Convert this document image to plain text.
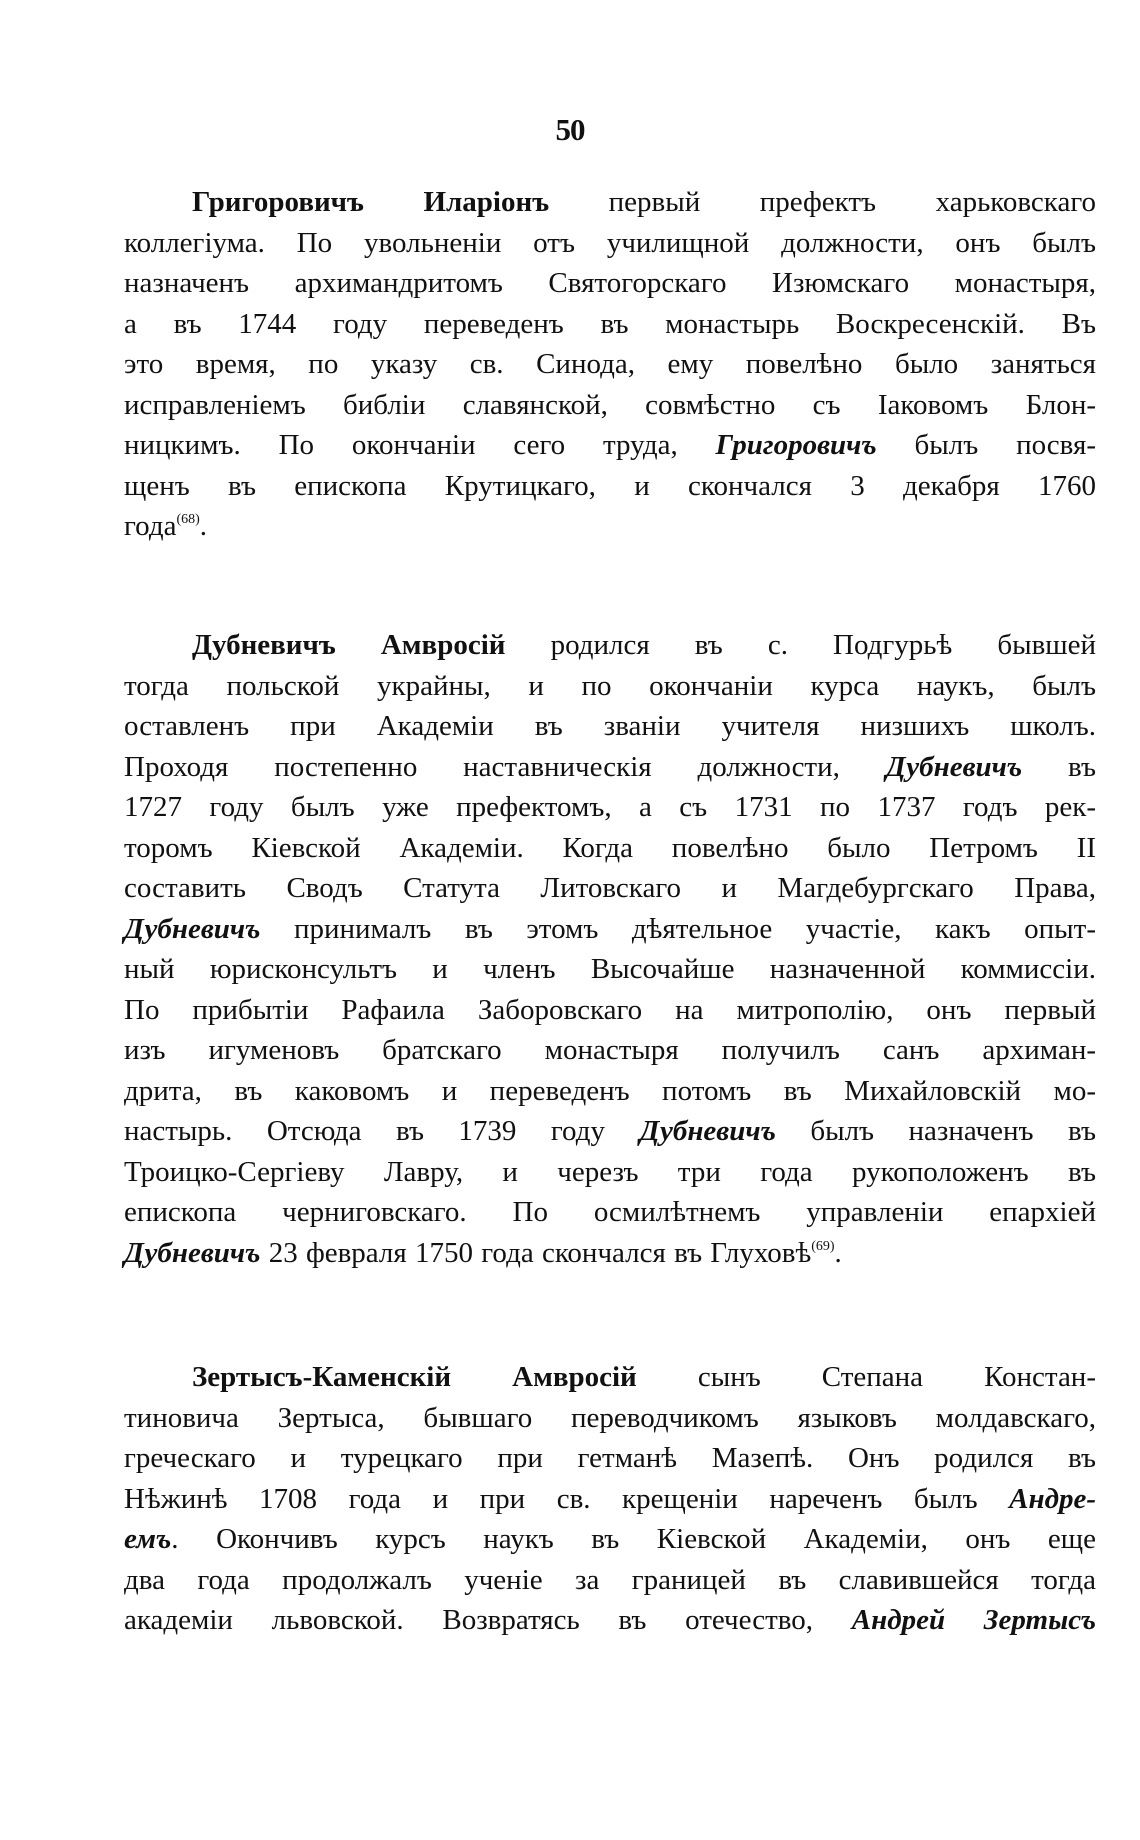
50
Григоровичъ Иларіонъ первый префектъ харьковскаго
коллегіума. По увольненіи отъ училищной должности, онъ былъ
назначенъ архимандритомъ Святогорскаго Изюмскаго монастыря,
а въ 1744 году переведенъ въ монастырь Воскресенскій. Въ
это время, по указу св. Синода, ему повелѣно было заняться
исправленіемъ библіи славянской, совмѣстно съ Іаковомъ Блон-
ницкимъ. По окончаніи сего труда, Григоровичъ былъ посвя-
щенъ въ епископа Крутицкаго, и скончался 3 декабря 1760
года$^{(68)}$.
Дубневичъ Амвросій родился въ с. Подгурьѣ бывшей
тогда польской украйны, и по окончаніи курса наукъ, былъ
оставленъ при Академіи въ званіи учителя низшихъ школъ.
Проходя постепенно наставническія должности, Дубневичъ въ
1727 году былъ уже префектомъ, а съ 1731 по 1737 годъ рек-
торомъ Кіевской Академіи. Когда повелѣно было Петромъ II
составить Сводъ Статута Литовскаго и Магдебургскаго Права,
Дубневичъ принималъ въ этомъ дѣятельное участіе, какъ опыт-
ный юрисконсультъ и членъ Высочайше назначенной коммиссіи.
По прибытіи Рафаила Заборовскаго на митрополію, онъ первый
изъ игуменовъ братскаго монастыря получилъ санъ архиман-
дрита, въ каковомъ и переведенъ потомъ въ Михайловскій мо-
настырь. Отсюда въ 1739 году Дубневичъ былъ назначенъ въ
Троицко-Сергіеву Лавру, и черезъ три года рукоположенъ въ
епископа черниговскаго. По осмилѣтнемъ управленіи епархіей
Дубневичъ 23 февраля 1750 года скончался въ Глуховѣ$^{(69)}$.
Зертысъ-Каменскій Амвросій сынъ Степана Констан-
тиновича Зертыса, бывшаго переводчикомъ языковъ молдавскаго,
греческаго и турецкаго при гетманѣ Мазепѣ. Онъ родился въ
Нѣжинѣ 1708 года и при св. крещеніи нареченъ былъ Андре-
емъ. Окончивъ курсъ наукъ въ Кіевской Академіи, онъ еще
два года продолжалъ ученіе за границей въ славившейся тогда
академіи львовской. Возвратясь въ отечество, Андрей Зертысъ
